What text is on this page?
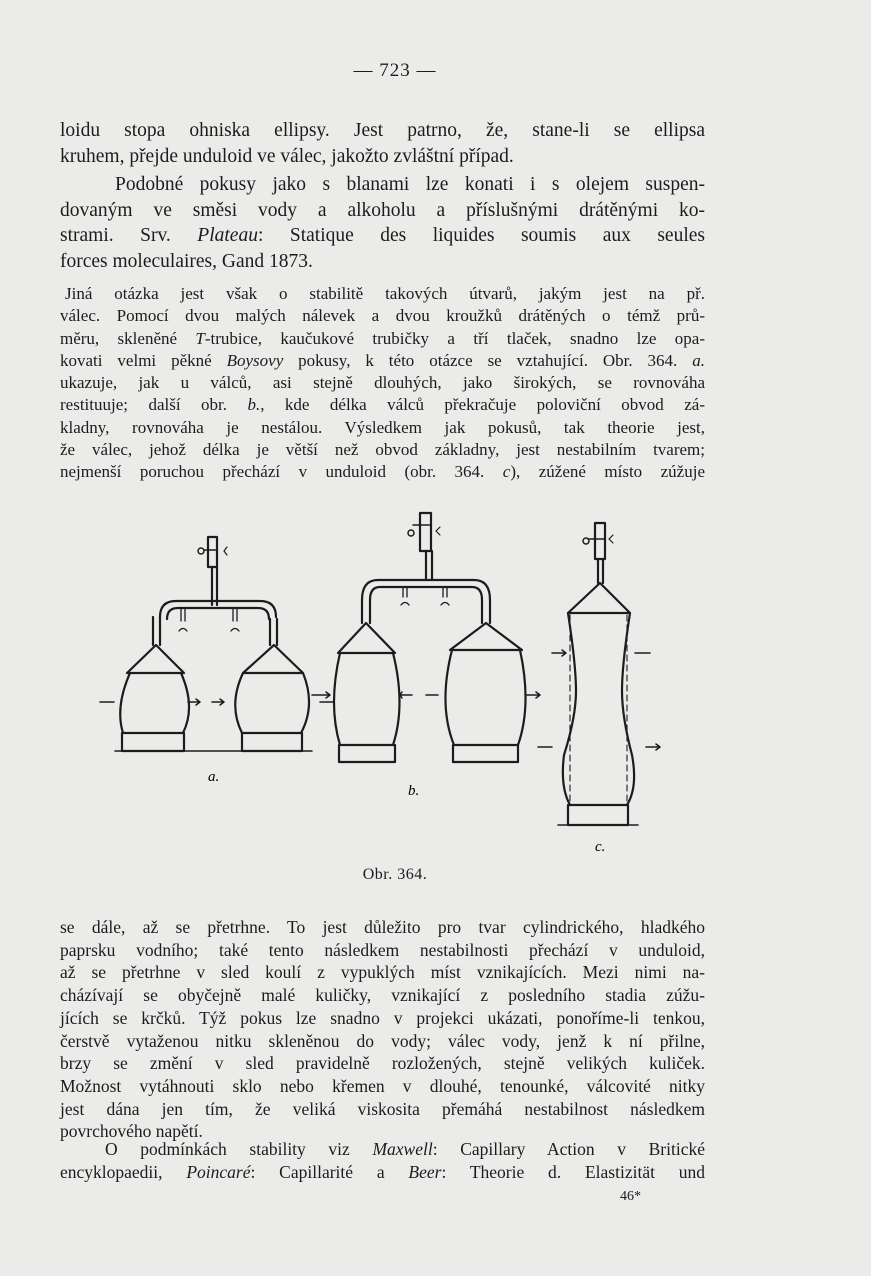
— 723 —
loidu stopa ohniska ellipsy. Jest patrno, že, stane-li se ellipsa
kruhem, přejde unduloid ve válec, jakožto zvláštní případ.
Podobné pokusy jako s blanami lze konati i s olejem suspen-
dovaným ve směsi vody a alkoholu a příslušnými drátěnými ko-
strami. Srv. Plateau: Statique des liquides soumis aux seules
forces moleculaires, Gand 1873.
Jiná otázka jest však o stabilitě takových útvarů, jakým jest na př.
válec. Pomocí dvou malých nálevek a dvou kroužků drátěných o témž prů-
měru, skleněné T-trubice, kaučukové trubičky a tří tlaček, snadno lze opa-
kovati velmi pěkné Boysovy pokusy, k této otázce se vztahující. Obr. 364. a.
ukazuje, jak u válců, asi stejně dlouhých, jako širokých, se rovnováha
restituuje; další obr. b., kde délka válců překračuje poloviční obvod zá-
kladny, rovnováha je nestálou. Výsledkem jak pokusů, tak theorie jest,
že válec, jehož délka je větší než obvod základny, jest nestabilním tvarem;
nejmenší poruchou přechází v unduloid (obr. 364. c), zúžené místo zúžuje
a.
b.
c.
Obr. 364.
se dále, až se přetrhne. To jest důležito pro tvar cylindrického, hladkého
paprsku vodního; také tento následkem nestabilnosti přechází v unduloid,
až se přetrhne v sled koulí z vypuklých míst vznikajících. Mezi nimi na-
cházívají se obyčejně malé kuličky, vznikající z posledního stadia zúžu-
jících se krčků. Týž pokus lze snadno v projekci ukázati, ponoříme-li tenkou,
čerstvě vytaženou nitku skleněnou do vody; válec vody, jenž k ní přilne,
brzy se změní v sled pravidelně rozložených, stejně velikých kuliček.
Možnost vytáhnouti sklo nebo křemen v dlouhé, tenounké, válcovité nitky
jest dána jen tím, že veliká viskosita přemáhá nestabilnost následkem
povrchového napětí.
O podmínkách stability viz Maxwell: Capillary Action v Britické
encyklopaedii, Poincaré: Capillarité a Beer: Theorie d. Elastizität und
46*
